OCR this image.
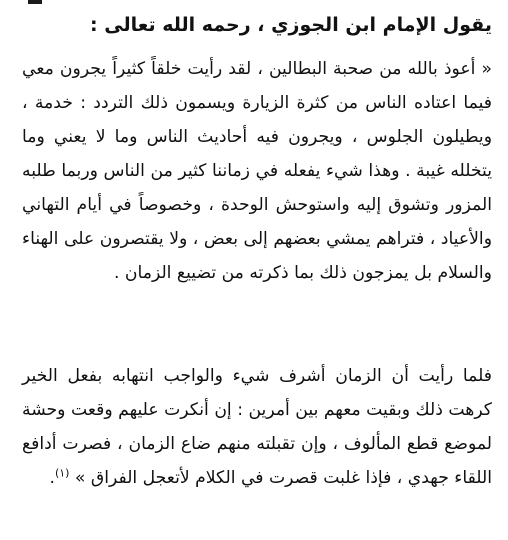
يقول الإمام ابن الجوزي ، رحمه الله تعالى :

« أعوذ بالله من صحبة البطالين ، لقد رأيت خلقاً كثيراً يجرون معي فيما اعتاده الناس من كثرة الزيارة ويسمون ذلك التردد : خدمة ، ويطيلون الجلوس ، ويجرون فيه أحاديث الناس وما لا يعني وما يتخلله غيبة . وهذا شيء يفعله في زماننا كثير من الناس وربما طلبه المزور وتشوق إليه واستوحش الوحدة ، وخصوصاً في أيام التهاني والأعياد ، فتراهم يمشي بعضهم إلى بعض ، ولا يقتصرون على الهناء والسلام بل يمزجون ذلك بما ذكرته من تضييع الزمان .

فلما رأيت أن الزمان أشرف شيء والواجب انتهابه بفعل الخير كرهت ذلك وبقيت معهم بين أمرين : إن أنكرت عليهم وقعت وحشة لموضع قطع المألوف ، وإن تقبلته منهم ضاع الزمان ، فصرت أدافع اللقاء جهدي ، فإذا غلبت قصرت في الكلام لأتعجل الفراق » $^{(١)}$.
